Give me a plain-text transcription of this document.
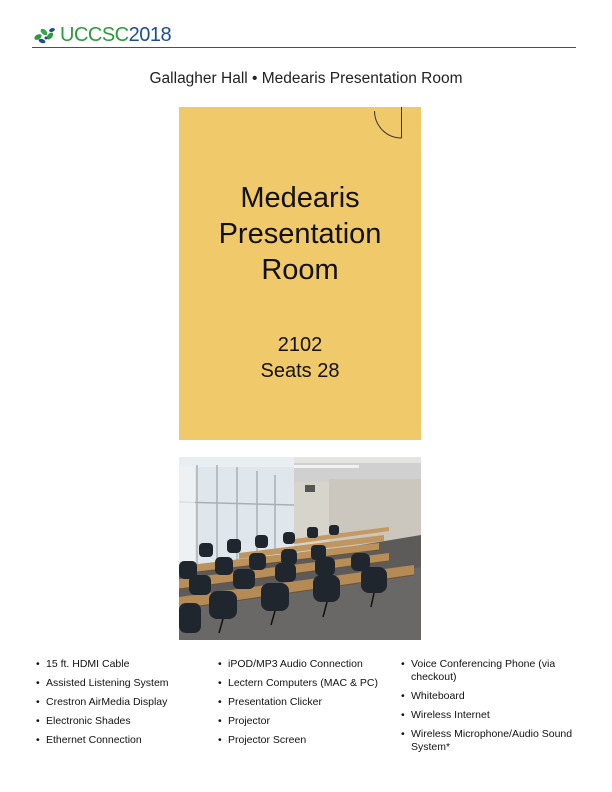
UCCSC2018
Gallagher Hall • Medearis Presentation Room
Medearis
Presentation
Room
2102
Seats 28
• 15 ft. HDMI Cable
• Assisted Listening System
• Crestron AirMedia Display
• Electronic Shades
• Ethernet Connection
• iPOD/MP3 Audio Connection
• Lectern Computers (MAC & PC)
• Presentation Clicker
• Projector
• Projector Screen
• Voice Conferencing Phone (via checkout)
• Whiteboard
• Wireless Internet
• Wireless Microphone/Audio Sound System*
